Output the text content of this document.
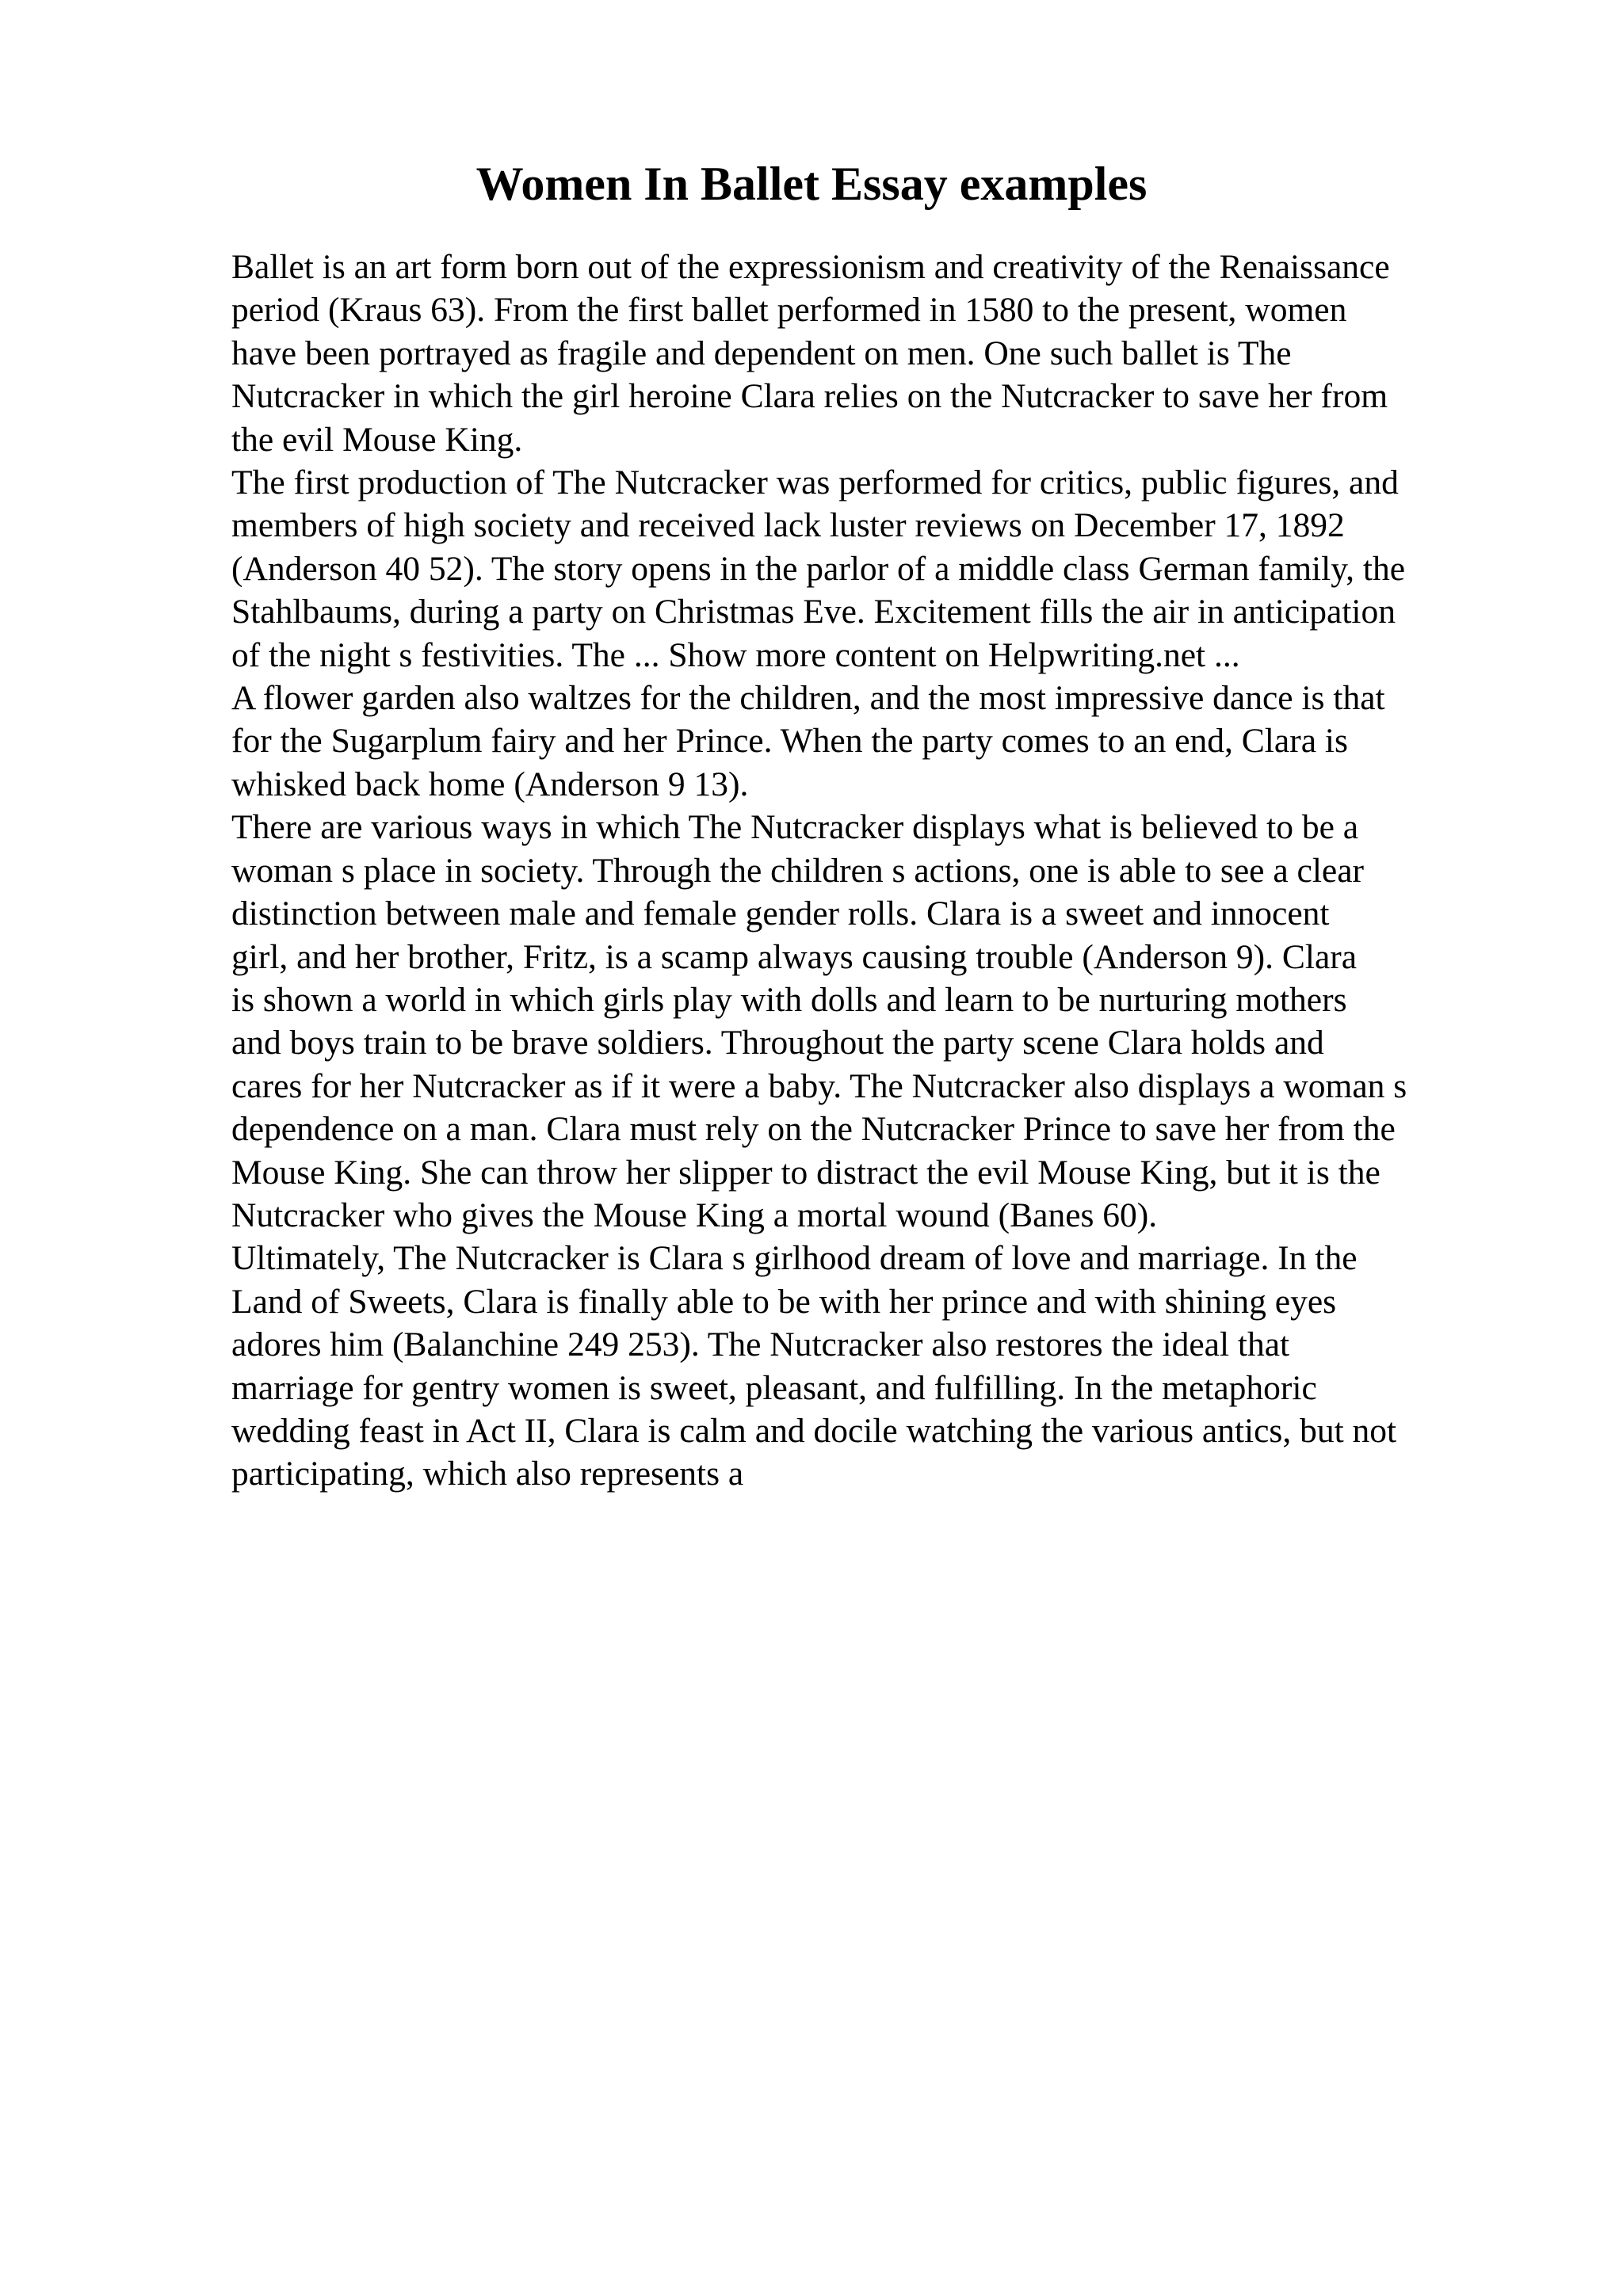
Women In Ballet Essay examples
Ballet is an art form born out of the expressionism and creativity of the Renaissance
period (Kraus 63). From the first ballet performed in 1580 to the present, women
have been portrayed as fragile and dependent on men. One such ballet is The
Nutcracker in which the girl heroine Clara relies on the Nutcracker to save her from
the evil Mouse King.
The first production of The Nutcracker was performed for critics, public figures, and
members of high society and received lack luster reviews on December 17, 1892
(Anderson 40 52). The story opens in the parlor of a middle class German family, the
Stahlbaums, during a party on Christmas Eve. Excitement fills the air in anticipation
of the night s festivities. The ... Show more content on Helpwriting.net ...
A flower garden also waltzes for the children, and the most impressive dance is that
for the Sugarplum fairy and her Prince. When the party comes to an end, Clara is
whisked back home (Anderson 9 13).
There are various ways in which The Nutcracker displays what is believed to be a
woman s place in society. Through the children s actions, one is able to see a clear
distinction between male and female gender rolls. Clara is a sweet and innocent
girl, and her brother, Fritz, is a scamp always causing trouble (Anderson 9). Clara
is shown a world in which girls play with dolls and learn to be nurturing mothers
and boys train to be brave soldiers. Throughout the party scene Clara holds and
cares for her Nutcracker as if it were a baby. The Nutcracker also displays a woman s
dependence on a man. Clara must rely on the Nutcracker Prince to save her from the
Mouse King. She can throw her slipper to distract the evil Mouse King, but it is the
Nutcracker who gives the Mouse King a mortal wound (Banes 60).
Ultimately, The Nutcracker is Clara s girlhood dream of love and marriage. In the
Land of Sweets, Clara is finally able to be with her prince and with shining eyes
adores him (Balanchine 249 253). The Nutcracker also restores the ideal that
marriage for gentry women is sweet, pleasant, and fulfilling. In the metaphoric
wedding feast in Act II, Clara is calm and docile watching the various antics, but not
participating, which also represents a
